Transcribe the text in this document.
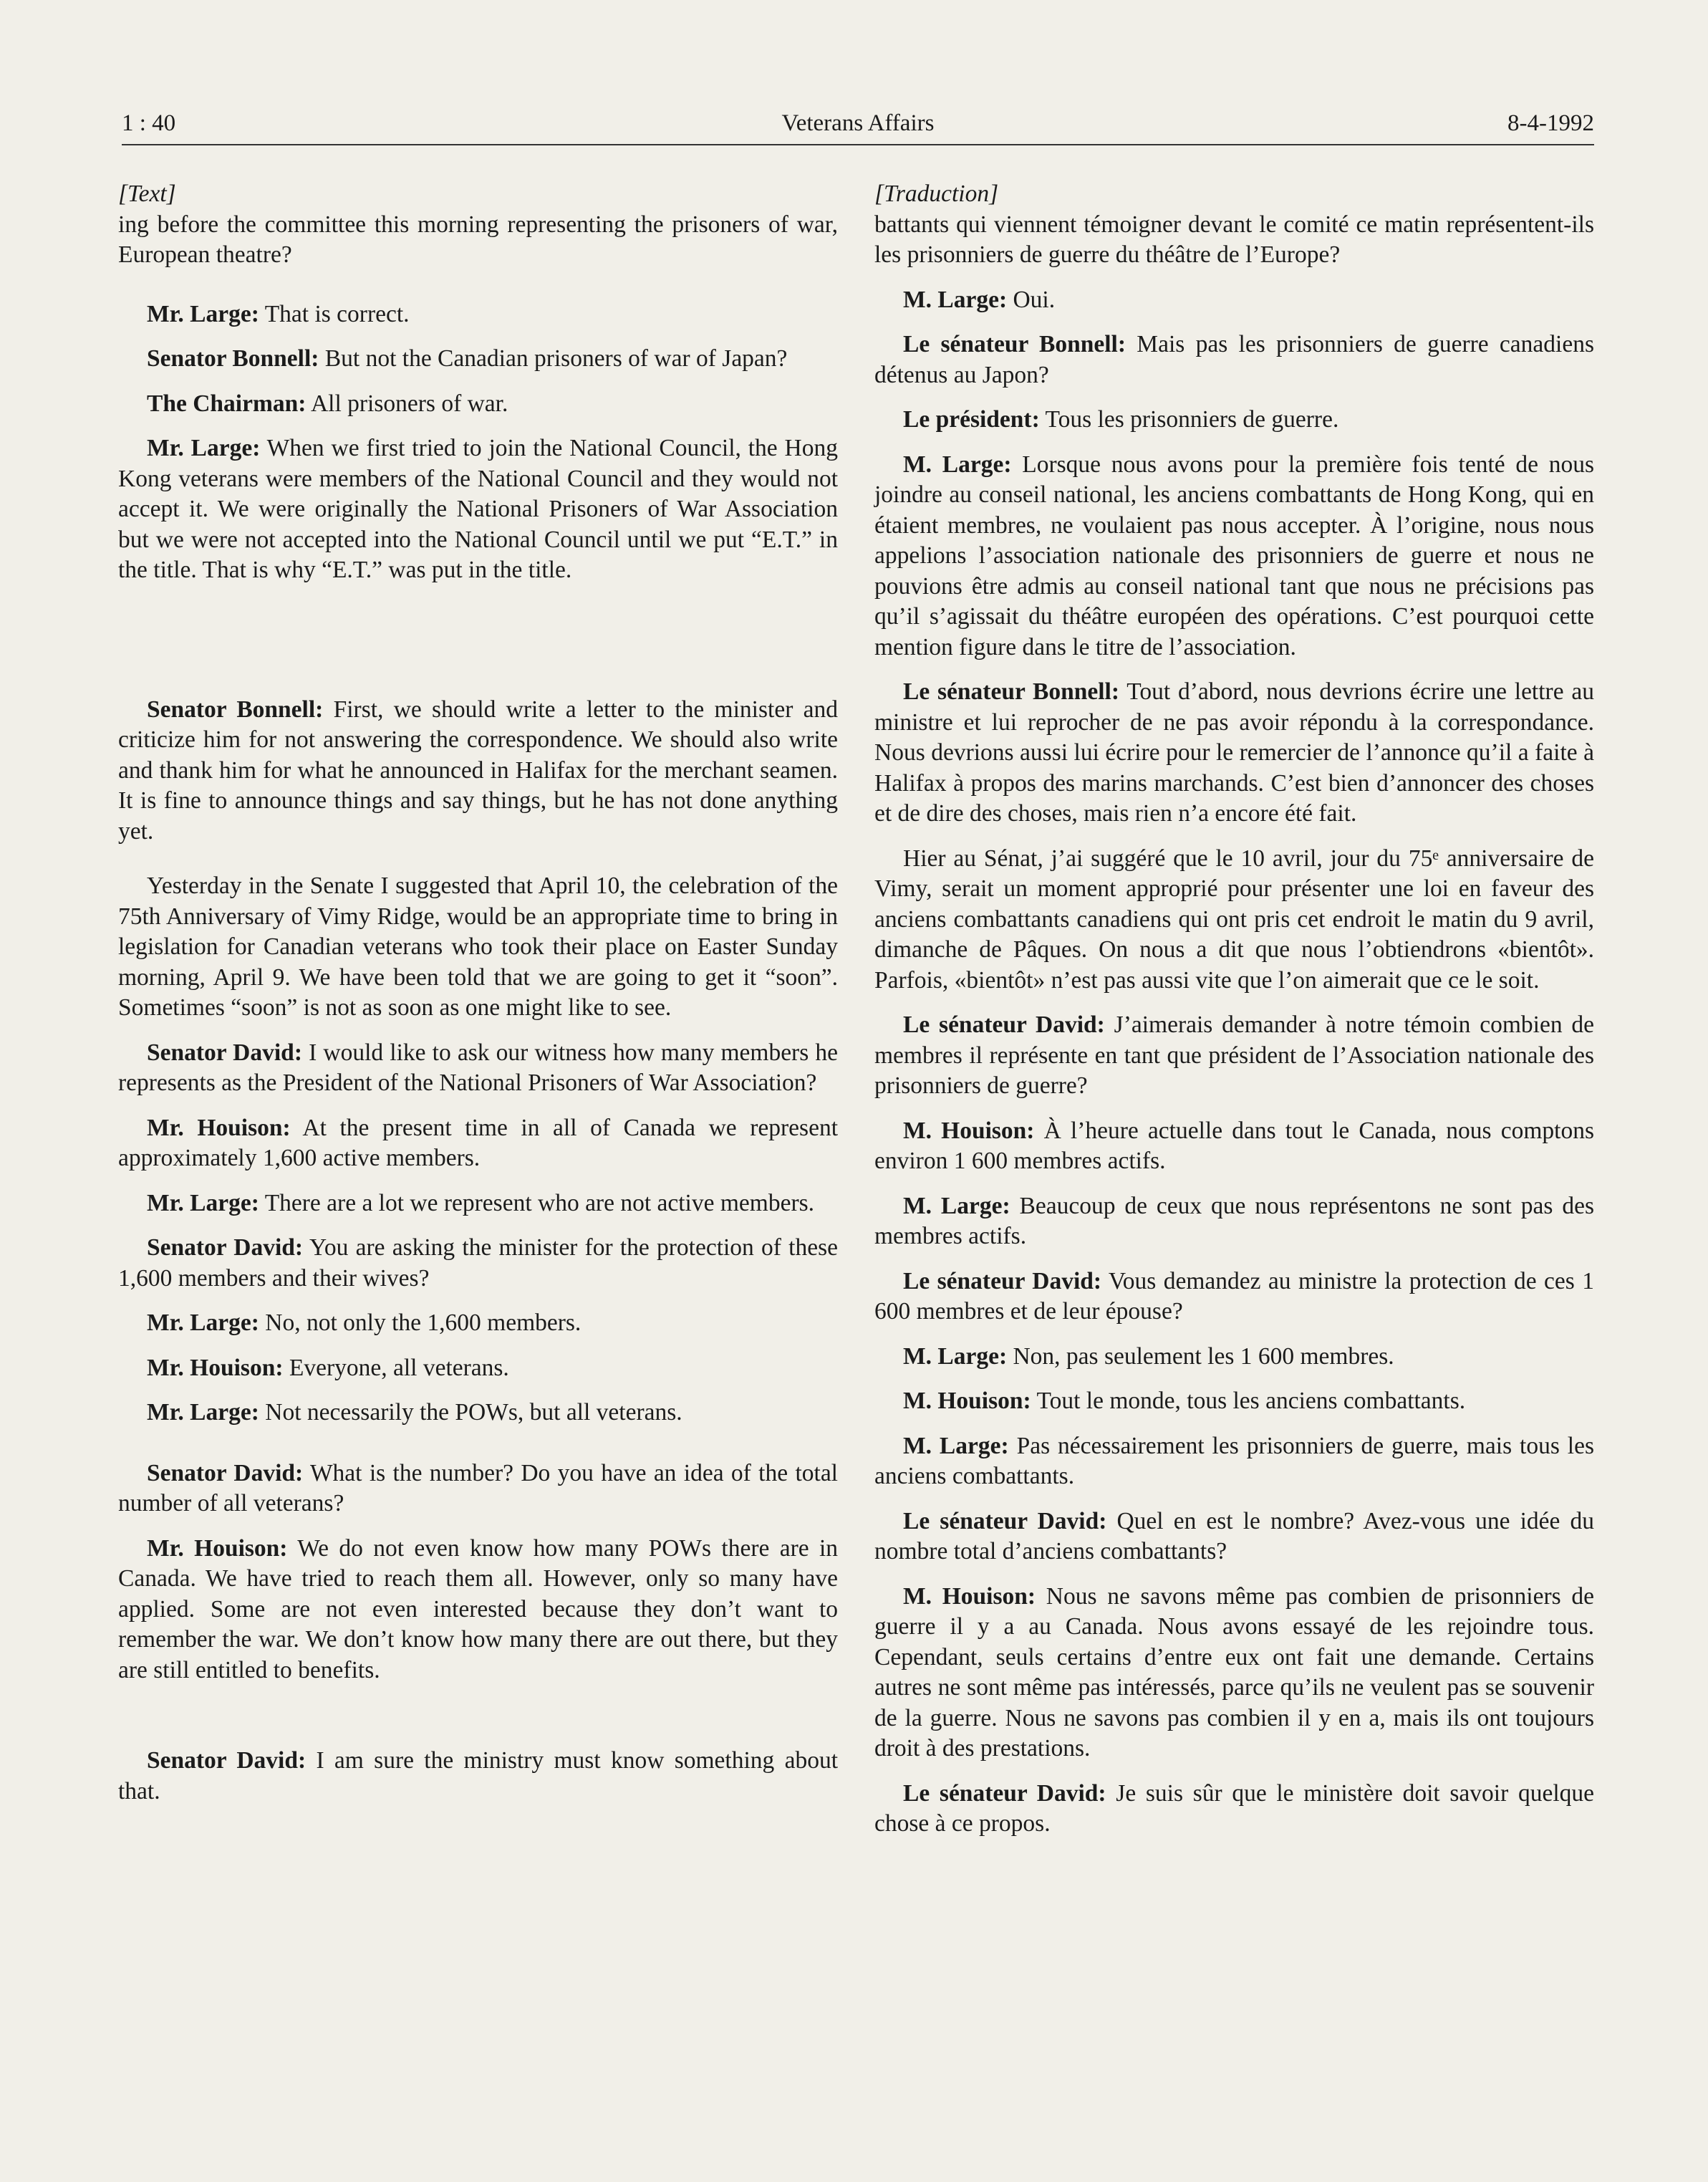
1 : 40	Veterans Affairs	8-4-1992

[Text]

ing before the committee this morning representing the prisoners of war, European theatre?

Mr. Large: That is correct.

Senator Bonnell: But not the Canadian prisoners of war of Japan?

The Chairman: All prisoners of war.

Mr. Large: When we first tried to join the National Council, the Hong Kong veterans were members of the National Council and they would not accept it. We were originally the National Prisoners of War Association but we were not accepted into the National Council until we put “E.T.” in the title. That is why “E.T.” was put in the title.

Senator Bonnell: First, we should write a letter to the minister and criticize him for not answering the correspondence. We should also write and thank him for what he announced in Halifax for the merchant seamen. It is fine to announce things and say things, but he has not done anything yet.

Yesterday in the Senate I suggested that April 10, the celebration of the 75th Anniversary of Vimy Ridge, would be an appropriate time to bring in legislation for Canadian veterans who took their place on Easter Sunday morning, April 9. We have been told that we are going to get it “soon”. Sometimes “soon” is not as soon as one might like to see.

Senator David: I would like to ask our witness how many members he represents as the President of the National Prisoners of War Association?

Mr. Houison: At the present time in all of Canada we represent approximately 1,600 active members.

Mr. Large: There are a lot we represent who are not active members.

Senator David: You are asking the minister for the protection of these 1,600 members and their wives?

Mr. Large: No, not only the 1,600 members.

Mr. Houison: Everyone, all veterans.

Mr. Large: Not necessarily the POWs, but all veterans.

Senator David: What is the number? Do you have an idea of the total number of all veterans?

Mr. Houison: We do not even know how many POWs there are in Canada. We have tried to reach them all. However, only so many have applied. Some are not even interested because they don’t want to remember the war. We don’t know how many there are out there, but they are still entitled to benefits.

Senator David: I am sure the ministry must know something about that.

[Traduction]

battants qui viennent témoigner devant le comité ce matin représentent-ils les prisonniers de guerre du théâtre de l’Europe?

M. Large: Oui.

Le sénateur Bonnell: Mais pas les prisonniers de guerre canadiens détenus au Japon?

Le président: Tous les prisonniers de guerre.

M. Large: Lorsque nous avons pour la première fois tenté de nous joindre au conseil national, les anciens combattants de Hong Kong, qui en étaient membres, ne voulaient pas nous accepter. À l’origine, nous nous appelions l’association nationale des prisonniers de guerre et nous ne pouvions être admis au conseil national tant que nous ne précisions pas qu’il s’agissait du théâtre européen des opérations. C’est pourquoi cette mention figure dans le titre de l’association.

Le sénateur Bonnell: Tout d’abord, nous devrions écrire une lettre au ministre et lui reprocher de ne pas avoir répondu à la correspondance. Nous devrions aussi lui écrire pour le remercier de l’annonce qu’il a faite à Halifax à propos des marins marchands. C’est bien d’annoncer des choses et de dire des choses, mais rien n’a encore été fait.

Hier au Sénat, j’ai suggéré que le 10 avril, jour du 75ᵉ anniversaire de Vimy, serait un moment approprié pour présenter une loi en faveur des anciens combattants canadiens qui ont pris cet endroit le matin du 9 avril, dimanche de Pâques. On nous a dit que nous l’obtiendrons «bientôt». Parfois, «bientôt» n’est pas aussi vite que l’on aimerait que ce le soit.

Le sénateur David: J’aimerais demander à notre témoin combien de membres il représente en tant que président de l’Association nationale des prisonniers de guerre?

M. Houison: À l’heure actuelle dans tout le Canada, nous comptons environ 1 600 membres actifs.

M. Large: Beaucoup de ceux que nous représentons ne sont pas des membres actifs.

Le sénateur David: Vous demandez au ministre la protection de ces 1 600 membres et de leur épouse?

M. Large: Non, pas seulement les 1 600 membres.

M. Houison: Tout le monde, tous les anciens combattants.

M. Large: Pas nécessairement les prisonniers de guerre, mais tous les anciens combattants.

Le sénateur David: Quel en est le nombre? Avez-vous une idée du nombre total d’anciens combattants?

M. Houison: Nous ne savons même pas combien de prisonniers de guerre il y a au Canada. Nous avons essayé de les rejoindre tous. Cependant, seuls certains d’entre eux ont fait une demande. Certains autres ne sont même pas intéressés, parce qu’ils ne veulent pas se souvenir de la guerre. Nous ne savons pas combien il y en a, mais ils ont toujours droit à des prestations.

Le sénateur David: Je suis sûr que le ministère doit savoir quelque chose à ce propos.
